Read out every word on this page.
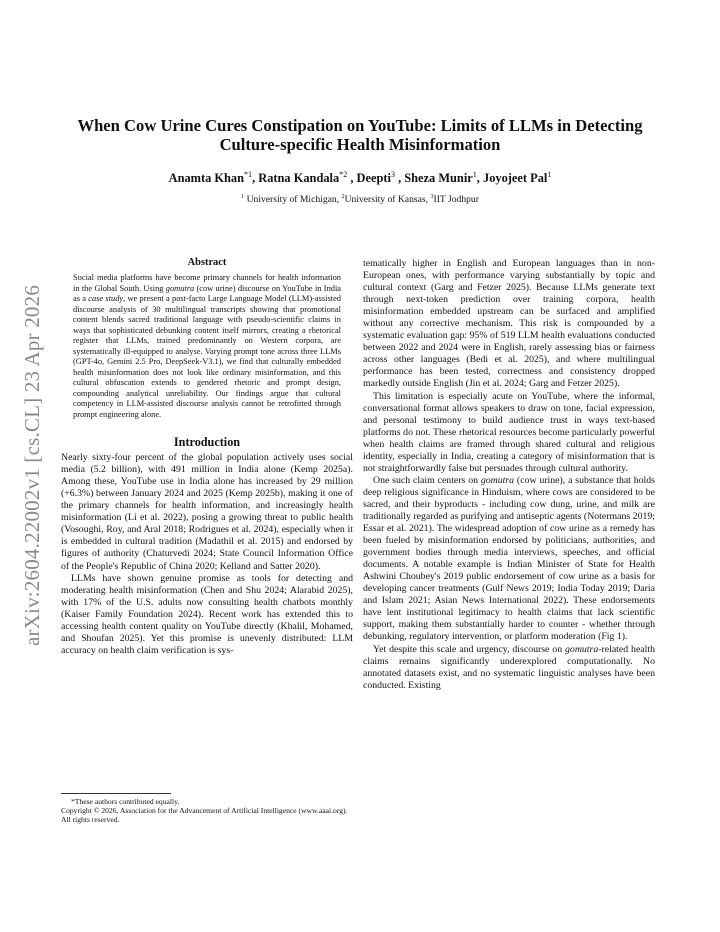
arXiv:2604.22002v1 [cs.CL] 23 Apr 2026
When Cow Urine Cures Constipation on YouTube: Limits of LLMs in Detecting Culture-specific Health Misinformation
Anamta Khan$^{*1}$, Ratna Kandala$^{*2}$ , Deepti$^3$ , Sheza Munir$^1$, Joyojeet Pal$^1$
$^1$ University of Michigan, $^2$University of Kansas, $^3$IIT Jodhpur
Abstract
Social media platforms have become primary channels for health information in the Global South. Using gomutra (cow urine) discourse on YouTube in India as a case study, we present a post-facto Large Language Model (LLM)-assisted discourse analysis of 30 multilingual transcripts showing that promotional content blends sacred traditional language with pseudo-scientific claims in ways that sophisticated debunking content itself mirrors, creating a rhetorical register that LLMs, trained predominantly on Western corpora, are systematically ill-equipped to analyse. Varying prompt tone across three LLMs (GPT-4o, Gemini 2.5 Pro, DeepSeek-V3.1), we find that culturally embedded health misinformation does not look like ordinary misinformation, and this cultural obfuscation extends to gendered rhetoric and prompt design, compounding analytical unreliability. Our findings argue that cultural competency in LLM-assisted discourse analysis cannot be retrofitted through prompt engineering alone.
Introduction

Nearly sixty-four percent of the global population actively uses social media (5.2 billion), with 491 million in India alone (Kemp 2025a). Among these, YouTube use in India alone has increased by 29 million (+6.3%) between January 2024 and 2025 (Kemp 2025b), making it one of the primary channels for health information, and increasingly health misinformation (Li et al. 2022), posing a growing threat to public health (Vosoughi, Roy, and Aral 2018; Rodrigues et al. 2024), especially when it is embedded in cultural tradition (Madathil et al. 2015) and endorsed by figures of authority (Chaturvedi 2024; State Council Information Office of the People's Republic of China 2020; Kelland and Satter 2020).

LLMs have shown genuine promise as tools for detecting and moderating health misinformation (Chen and Shu 2024; Alarabid 2025), with 17% of the U.S. adults now consulting health chatbots monthly (Kaiser Family Foundation 2024). Recent work has extended this to accessing health content quality on YouTube directly (Khalil, Mohamed, and Shoufan 2025). Yet this promise is unevenly distributed: LLM accuracy on health claim verification is sys-

tematically higher in English and European languages than in non-European ones, with performance varying substantially by topic and cultural context (Garg and Fetzer 2025). Because LLMs generate text through next-token prediction over training corpora, health misinformation embedded upstream can be surfaced and amplified without any corrective mechanism. This risk is compounded by a systematic evaluation gap: 95% of 519 LLM health evaluations conducted between 2022 and 2024 were in English, rarely assessing bias or fairness across other languages (Bedi et al. 2025), and where multilingual performance has been tested, correctness and consistency dropped markedly outside English (Jin et al. 2024; Garg and Fetzer 2025).

This limitation is especially acute on YouTube, where the informal, conversational format allows speakers to draw on tone, facial expression, and personal testimony to build audience trust in ways text-based platforms do not. These rhetorical resources become particularly powerful when health claims are framed through shared cultural and religious identity, especially in India, creating a category of misinformation that is not straightforwardly false but persuades through cultural authority.

One such claim centers on gomutra (cow urine), a substance that holds deep religious significance in Hinduism, where cows are considered to be sacred, and their byproducts - including cow dung, urine, and milk are traditionally regarded as purifying and antiseptic agents (Notermans 2019; Essar et al. 2021). The widespread adoption of cow urine as a remedy has been fueled by misinformation endorsed by politicians, authorities, and government bodies through media interviews, speeches, and official documents. A notable example is Indian Minister of State for Health Ashwini Choubey's 2019 public endorsement of cow urine as a basis for developing cancer treatments (Gulf News 2019; India Today 2019; Daria and Islam 2021; Asian News International 2022). These endorsements have lent institutional legitimacy to health claims that lack scientific support, making them substantially harder to counter - whether through debunking, regulatory intervention, or platform moderation (Fig 1).

Yet despite this scale and urgency, discourse on gomutra-related health claims remains significantly underexplored computationally. No annotated datasets exist, and no systematic linguistic analyses have been conducted. Existing

*These authors contributed equally.
Copyright © 2026, Association for the Advancement of Artificial Intelligence (www.aaai.org). All rights reserved.
